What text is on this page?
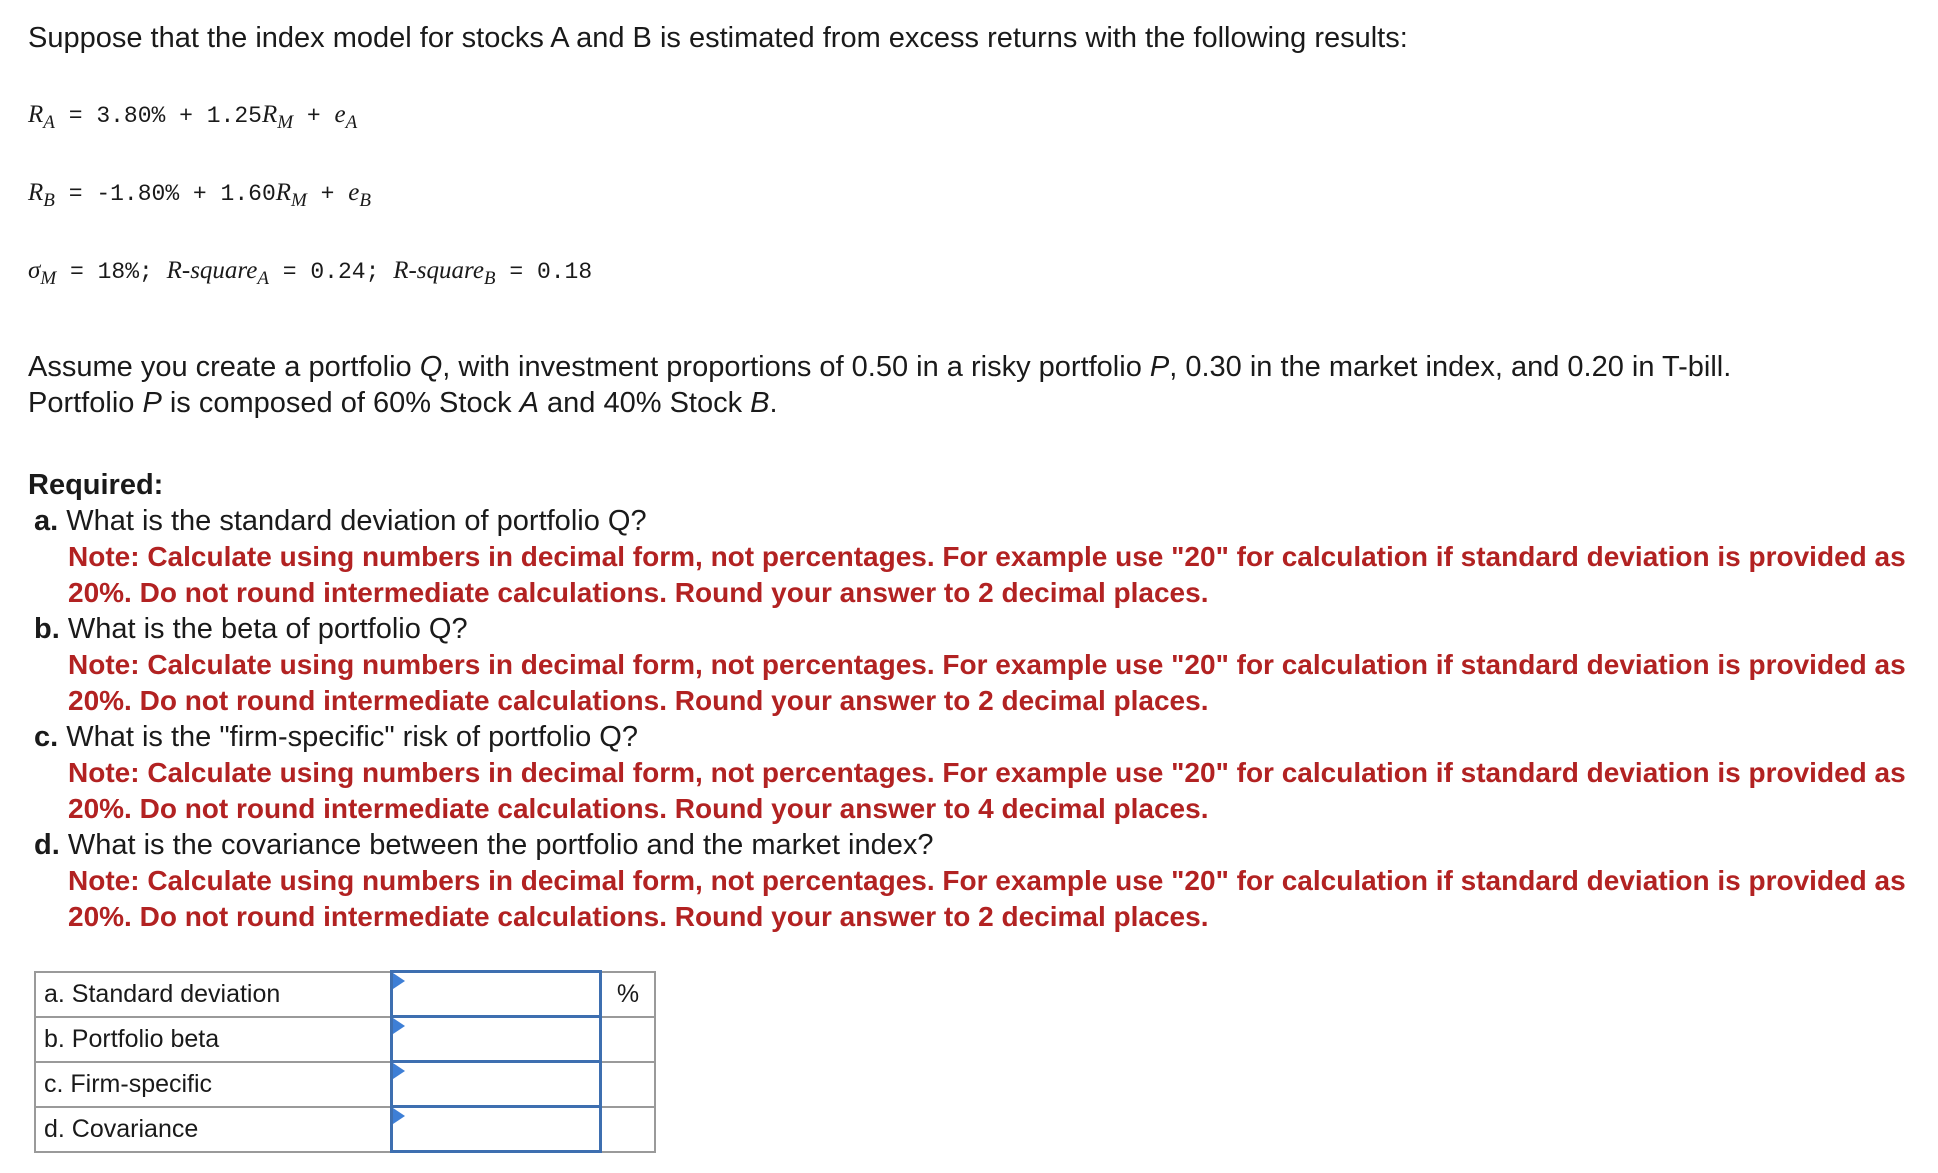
Suppose that the index model for stocks A and B is estimated from excess returns with the following results:

$R_A = 3.80\% + 1.25R_M + e_A$

$R_B = -1.80\% + 1.60R_M + e_B$

$\sigma_M = 18\%$; R-square$_A$ = 0.24; R-square$_B$ = 0.18

Assume you create a portfolio Q, with investment proportions of 0.50 in a risky portfolio P, 0.30 in the market index, and 0.20 in T-bill.
Portfolio P is composed of 60% Stock A and 40% Stock B.

Required:

a. What is the standard deviation of portfolio Q?
Note: Calculate using numbers in decimal form, not percentages. For example use "20" for calculation if standard deviation is provided as 20%. Do not round intermediate calculations. Round your answer to 2 decimal places.
b. What is the beta of portfolio Q?
Note: Calculate using numbers in decimal form, not percentages. For example use "20" for calculation if standard deviation is provided as 20%. Do not round intermediate calculations. Round your answer to 2 decimal places.
c. What is the "firm-specific" risk of portfolio Q?
Note: Calculate using numbers in decimal form, not percentages. For example use "20" for calculation if standard deviation is provided as 20%. Do not round intermediate calculations. Round your answer to 4 decimal places.
d. What is the covariance between the portfolio and the market index?
Note: Calculate using numbers in decimal form, not percentages. For example use "20" for calculation if standard deviation is provided as 20%. Do not round intermediate calculations. Round your answer to 2 decimal places.
a. Standard deviation		%
b. Portfolio beta	

c. Firm-specific	

d. Covariance	
